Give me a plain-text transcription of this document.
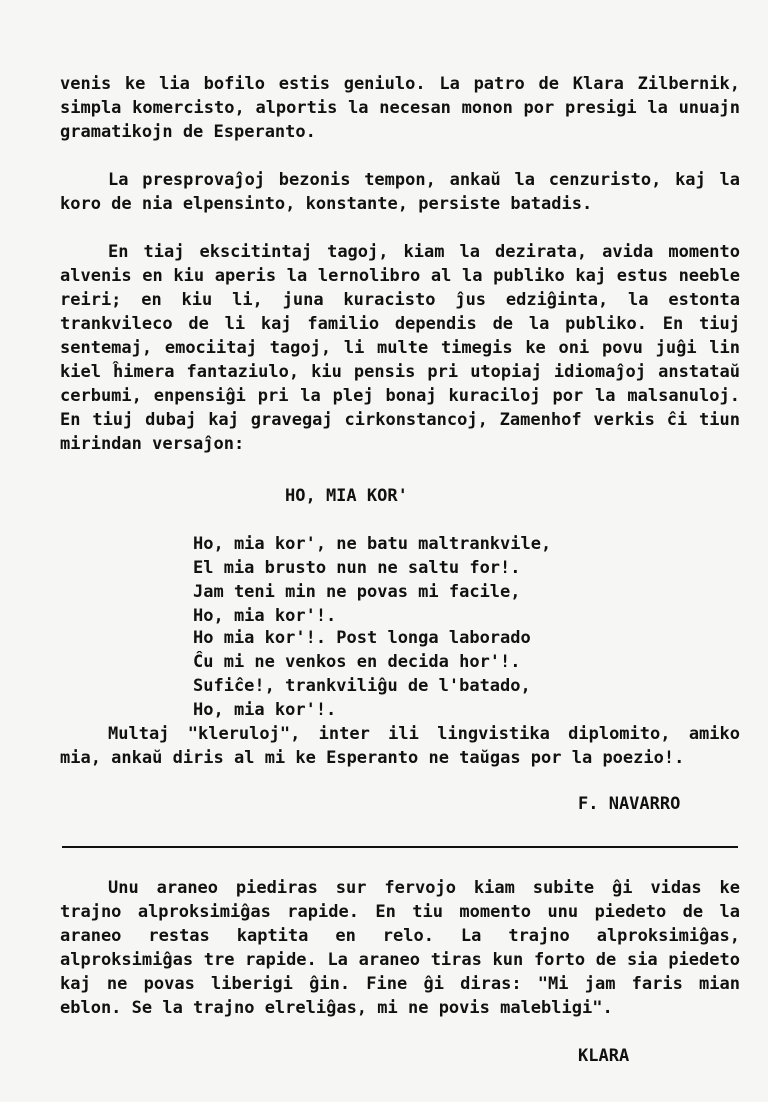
venis ke lia bofilo estis geniulo. La patro de Klara Zilbernik, simpla komercisto, alportis la necesan monon por presigi la unuajn gramatikojn de Esperanto.

La presprovaĵoj bezonis tempon, ankaŭ la cenzuristo, kaj la koro de nia elpensinto, konstante, persiste batadis.

En tiaj ekscitintaj tagoj, kiam la dezirata, avida momento alvenis en kiu aperis la lernolibro al la publiko kaj estus neeble reiri; en kiu li, juna kuracisto ĵus edziĝinta, la estonta trankvileco de li kaj familio dependis de la publiko. En tiuj sentemaj, emociitaj tagoj, li multe timegis ke oni povu juĝi lin kiel ĥimera fantaziulo, kiu pensis pri utopiaj idiomaĵoj anstataŭ cerbumi, enpensiĝi pri la plej bonaj kuraciloj por la malsanuloj. En tiuj dubaj kaj gravegaj cirkonstancoj, Zamenhof verkis ĉi tiun mirindan versaĵon:

HO, MIA KOR'
Ho, mia kor', ne batu maltrankvile,
El mia brusto nun ne saltu for!.
Jam teni min ne povas mi facile,
Ho, mia kor'!.
Ho mia kor'!. Post longa laborado
Ĉu mi ne venkos en decida hor'!.
Sufiĉe!, trankviliĝu de l'batado,
Ho, mia kor'!.

Multaj "kleruloj", inter ili lingvistika diplomito, amiko mia, ankaŭ diris al mi ke Esperanto ne taŭgas por la poezio!.

F. NAVARRO

Unu araneo piediras sur fervojo kiam subite ĝi vidas ke trajno alproksimiĝas rapide. En tiu momento unu piedeto de la araneo restas kaptita en relo. La trajno alproksimiĝas, alproksimiĝas tre rapide. La araneo tiras kun forto de sia piedeto kaj ne povas liberigi ĝin. Fine ĝi diras: "Mi jam faris mian eblon. Se la trajno elreliĝas, mi ne povis malebligi".

KLARA
